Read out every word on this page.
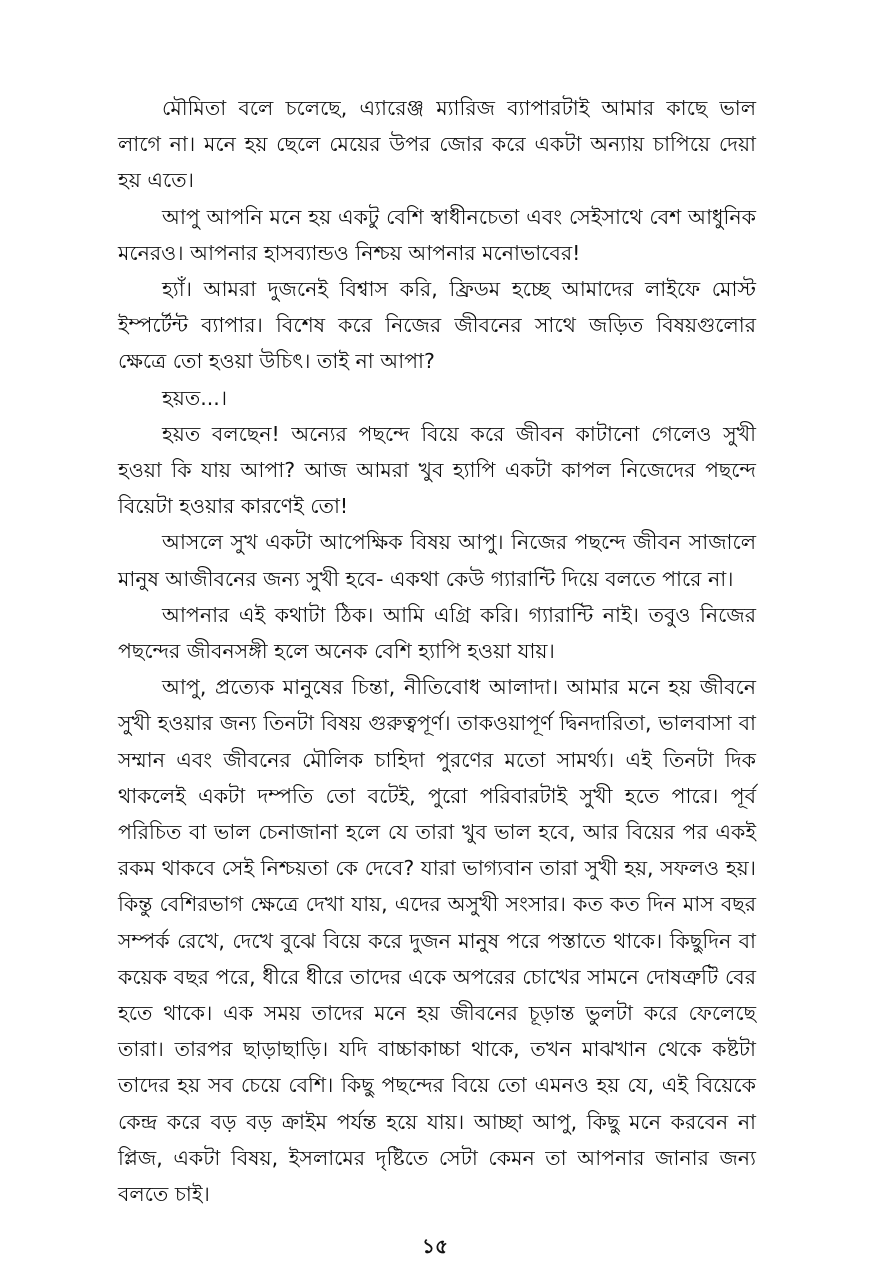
মৌমিতা বলে চলেছে, এ্যারেঞ্জ ম্যারিজ ব্যাপারটাই আমার কাছে ভাল লাগে না। মনে হয় ছেলে মেয়ের উপর জোর করে একটা অন্যায় চাপিয়ে দেয়া হয় এতে।

আপু আপনি মনে হয় একটু বেশি স্বাধীনচেতা এবং সেইসাথে বেশ আধুনিক মনেরও। আপনার হাসব্যান্ডও নিশ্চয় আপনার মনোভাবের!

হ্যাঁ। আমরা দুজনেই বিশ্বাস করি, ফ্রিডম হচ্ছে আমাদের লাইফে মোস্ট ইম্পর্টেন্ট ব্যাপার। বিশেষ করে নিজের জীবনের সাথে জড়িত বিষয়গুলোর ক্ষেত্রে তো হওয়া উচিৎ। তাই না আপা?

হয়ত...।

হয়ত বলছেন! অন্যের পছন্দে বিয়ে করে জীবন কাটানো গেলেও সুখী হওয়া কি যায় আপা? আজ আমরা খুব হ্যাপি একটা কাপল নিজেদের পছন্দে বিয়েটা হওয়ার কারণেই তো!

আসলে সুখ একটা আপেক্ষিক বিষয় আপু। নিজের পছন্দে জীবন সাজালে মানুষ আজীবনের জন্য সুখী হবে- একথা কেউ গ্যারান্টি দিয়ে বলতে পারে না।

আপনার এই কথাটা ঠিক। আমি এগ্রি করি। গ্যারান্টি নাই। তবুও নিজের পছন্দের জীবনসঙ্গী হলে অনেক বেশি হ্যাপি হওয়া যায়।

আপু, প্রত্যেক মানুষের চিন্তা, নীতিবোধ আলাদা। আমার মনে হয় জীবনে সুখী হওয়ার জন্য তিনটা বিষয় গুরুত্বপূর্ণ। তাকওয়াপূর্ণ দ্বিনদারিতা, ভালবাসা বা সম্মান এবং জীবনের মৌলিক চাহিদা পুরণের মতো সামর্থ্য। এই তিনটা দিক থাকলেই একটা দম্পতি তো বটেই, পুরো পরিবারটাই সুখী হতে পারে। পূর্ব পরিচিত বা ভাল চেনাজানা হলে যে তারা খুব ভাল হবে, আর বিয়ের পর একই রকম থাকবে সেই নিশ্চয়তা কে দেবে? যারা ভাগ্যবান তারা সুখী হয়, সফলও হয়। কিন্তু বেশিরভাগ ক্ষেত্রে দেখা যায়, এদের অসুখী সংসার। কত কত দিন মাস বছর সম্পর্ক রেখে, দেখে বুঝে বিয়ে করে দুজন মানুষ পরে পস্তাতে থাকে। কিছুদিন বা কয়েক বছর পরে, ধীরে ধীরে তাদের একে অপরের চোখের সামনে দোষত্রুটি বের হতে থাকে। এক সময় তাদের মনে হয় জীবনের চূড়ান্ত ভুলটা করে ফেলেছে তারা। তারপর ছাড়াছাড়ি। যদি বাচ্চাকাচ্চা থাকে, তখন মাঝখান থেকে কষ্টটা তাদের হয় সব চেয়ে বেশি। কিছু পছন্দের বিয়ে তো এমনও হয় যে, এই বিয়েকে কেন্দ্র করে বড় বড় ক্রাইম পর্যন্ত হয়ে যায়। আচ্ছা আপু, কিছু মনে করবেন না প্লিজ, একটা বিষয়, ইসলামের দৃষ্টিতে সেটা কেমন তা আপনার জানার জন্য বলতে চাই।

১৫
